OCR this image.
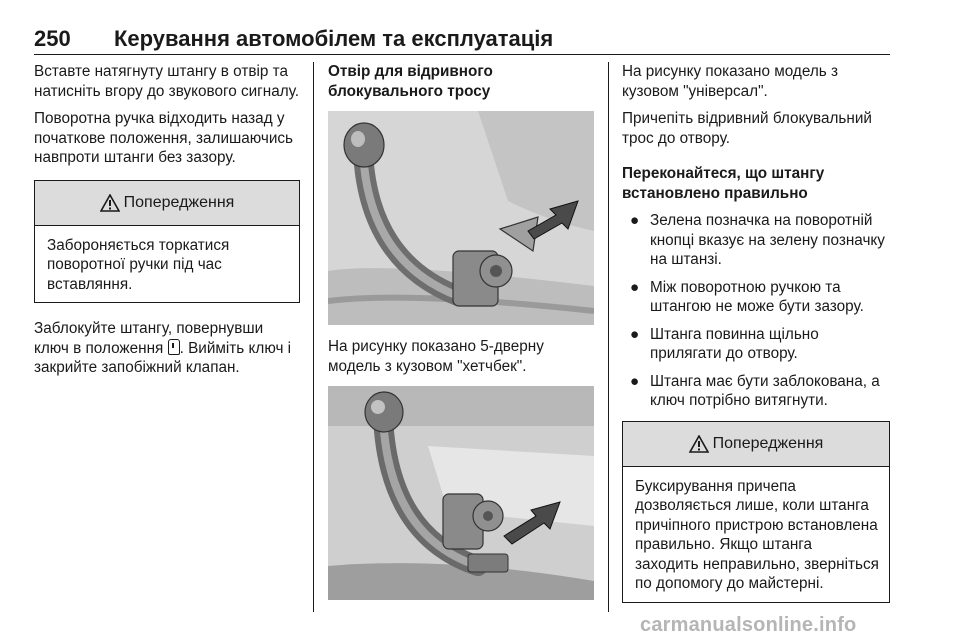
250 Керування автомобілем та експлуатація

Вставте натягнуту штангу в отвір та натисніть вгору до звукового сигналу.

Поворотна ручка відходить назад у початкове положення, залишаючись навпроти штанги без зазору.

Попередження
Забороняється торкатися поворотної ручки під час вставляння.

Заблокуйте штангу, повернувши ключ в положення . Вийміть ключ і закрийте запобіжний клапан.

Отвір для відривного блокувального тросу

На рисунку показано 5-дверну модель з кузовом "хетчбек".

На рисунку показано модель з кузовом "універсал".

Причепіть відривний блокувальний трос до отвору.

Переконайтеся, що штангу встановлено правильно

● Зелена позначка на поворотній кнопці вказує на зелену позначку на штанзі.
● Між поворотною ручкою та штангою не може бути зазору.
● Штанга повинна щільно прилягати до отвору.
● Штанга має бути заблокована, а ключ потрібно витягнути.
Попередження
Буксирування причепа дозволяється лише, коли штанга причіпного пристрою встановлена правильно. Якщо штанга заходить неправильно, зверніться по допомогу до майстерні.
carmanualsonline.info
